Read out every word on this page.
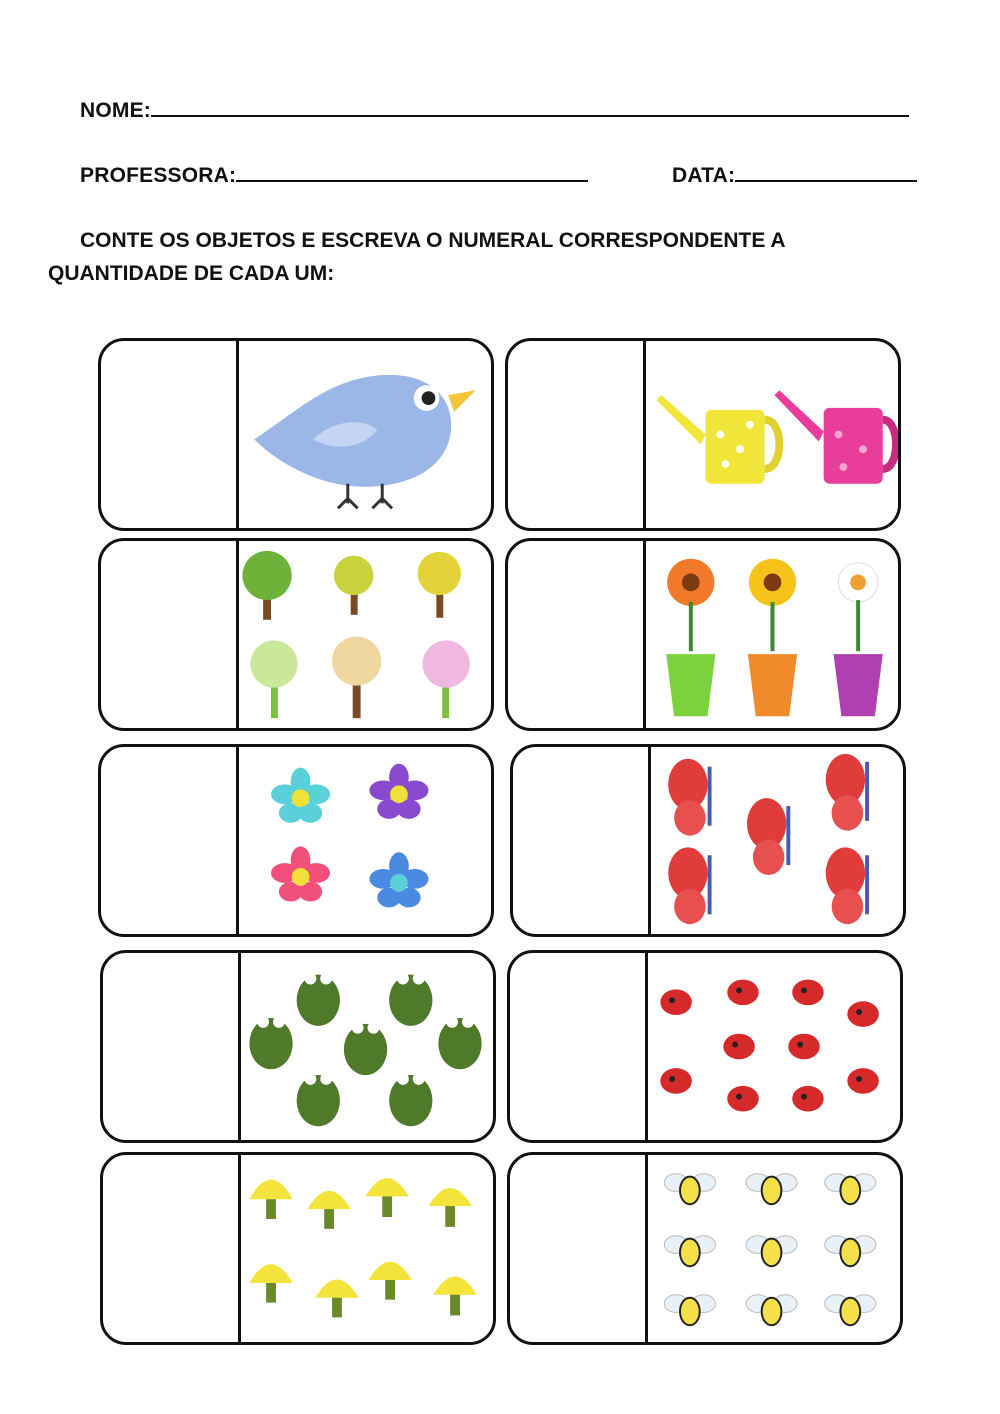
NOME:
PROFESSORA:	DATA:
CONTE OS OBJETOS E ESCREVA O NUMERAL CORRESPONDENTE A
QUANTIDADE DE CADA UM:
